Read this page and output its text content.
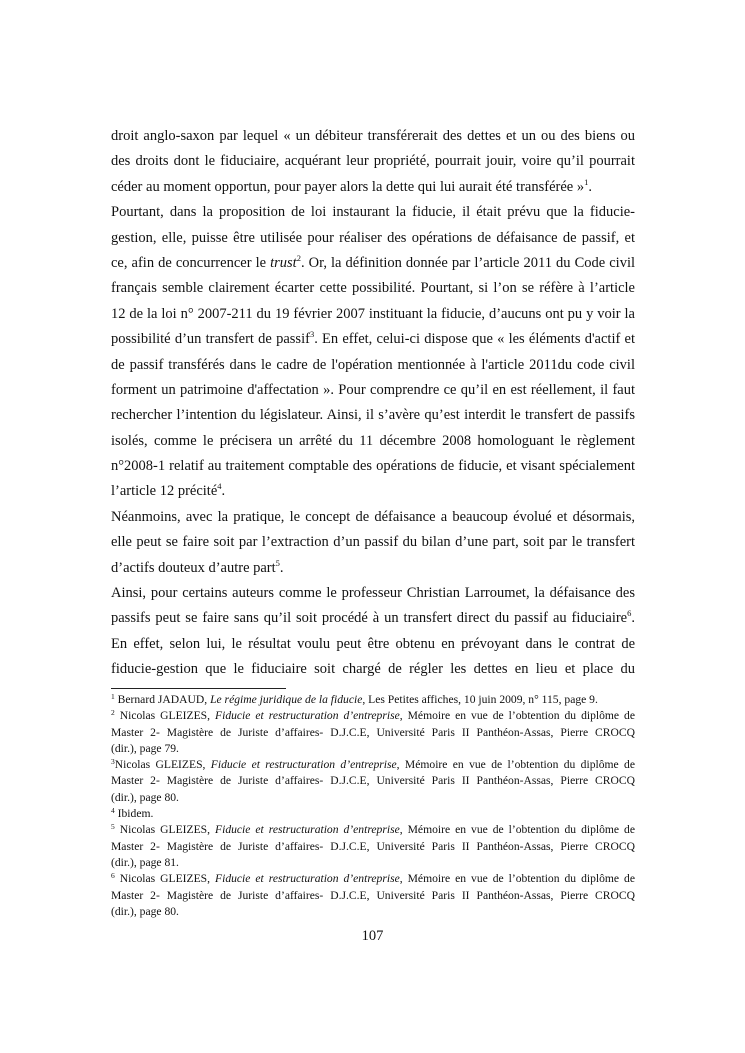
droit anglo-saxon par lequel « un débiteur transférerait des dettes et un ou des biens ou
des droits dont le fiduciaire, acquérant leur propriété, pourrait jouir, voire qu’il pourrait
céder au moment opportun, pour payer alors la dette qui lui aurait été transférée »$^1$.
Pourtant, dans la proposition de loi instaurant la fiducie, il était prévu que la fiducie-
gestion, elle, puisse être utilisée pour réaliser des opérations de défaisance de passif, et
ce, afin de concurrencer le trust$^2$. Or, la définition donnée par l’article 2011 du Code civil
français semble clairement écarter cette possibilité. Pourtant, si l’on se réfère à l’article
12 de la loi n° 2007-211 du 19 février 2007 instituant la fiducie, d’aucuns ont pu y voir la
possibilité d’un transfert de passif$^3$. En effet, celui-ci dispose que « les éléments d'actif et
de passif transférés dans le cadre de l'opération mentionnée à l'article 2011du code civil
forment un patrimoine d'affectation ». Pour comprendre ce qu’il en est réellement, il faut
rechercher l’intention du législateur. Ainsi, il s’avère qu’est interdit le transfert de passifs
isolés, comme le précisera un arrêté du 11 décembre 2008 homologuant le règlement
n°2008-1 relatif au traitement comptable des opérations de fiducie, et visant spécialement
l’article 12 précité$^4$.
Néanmoins, avec la pratique, le concept de défaisance a beaucoup évolué et désormais,
elle peut se faire soit par l’extraction d’un passif du bilan d’une part, soit par le transfert
d’actifs douteux d’autre part$^5$.
Ainsi, pour certains auteurs comme le professeur Christian Larroumet, la défaisance des
passifs peut se faire sans qu’il soit procédé à un transfert direct du passif au fiduciaire$^6$.
En effet, selon lui, le résultat voulu peut être obtenu en prévoyant dans le contrat de
fiducie-gestion que le fiduciaire soit chargé de régler les dettes en lieu et place du
$^1$ Bernard JADAUD, Le régime juridique de la fiducie, Les Petites affiches, 10 juin 2009, n° 115, page 9.
$^2$ Nicolas GLEIZES, Fiducie et restructuration d’entreprise, Mémoire en vue de l’obtention du diplôme de
Master 2- Magistère de Juriste d’affaires- D.J.C.E, Université Paris II Panthéon-Assas, Pierre CROCQ
(dir.), page 79.
$^3$Nicolas GLEIZES, Fiducie et restructuration d’entreprise, Mémoire en vue de l’obtention du diplôme de
Master 2- Magistère de Juriste d’affaires- D.J.C.E, Université Paris II Panthéon-Assas, Pierre CROCQ
(dir.), page 80.
$^4$ Ibidem.
$^5$ Nicolas GLEIZES, Fiducie et restructuration d’entreprise, Mémoire en vue de l’obtention du diplôme de
Master 2- Magistère de Juriste d’affaires- D.J.C.E, Université Paris II Panthéon-Assas, Pierre CROCQ
(dir.), page 81.
$^6$ Nicolas GLEIZES, Fiducie et restructuration d’entreprise, Mémoire en vue de l’obtention du diplôme de
Master 2- Magistère de Juriste d’affaires- D.J.C.E, Université Paris II Panthéon-Assas, Pierre CROCQ
(dir.), page 80.
107
